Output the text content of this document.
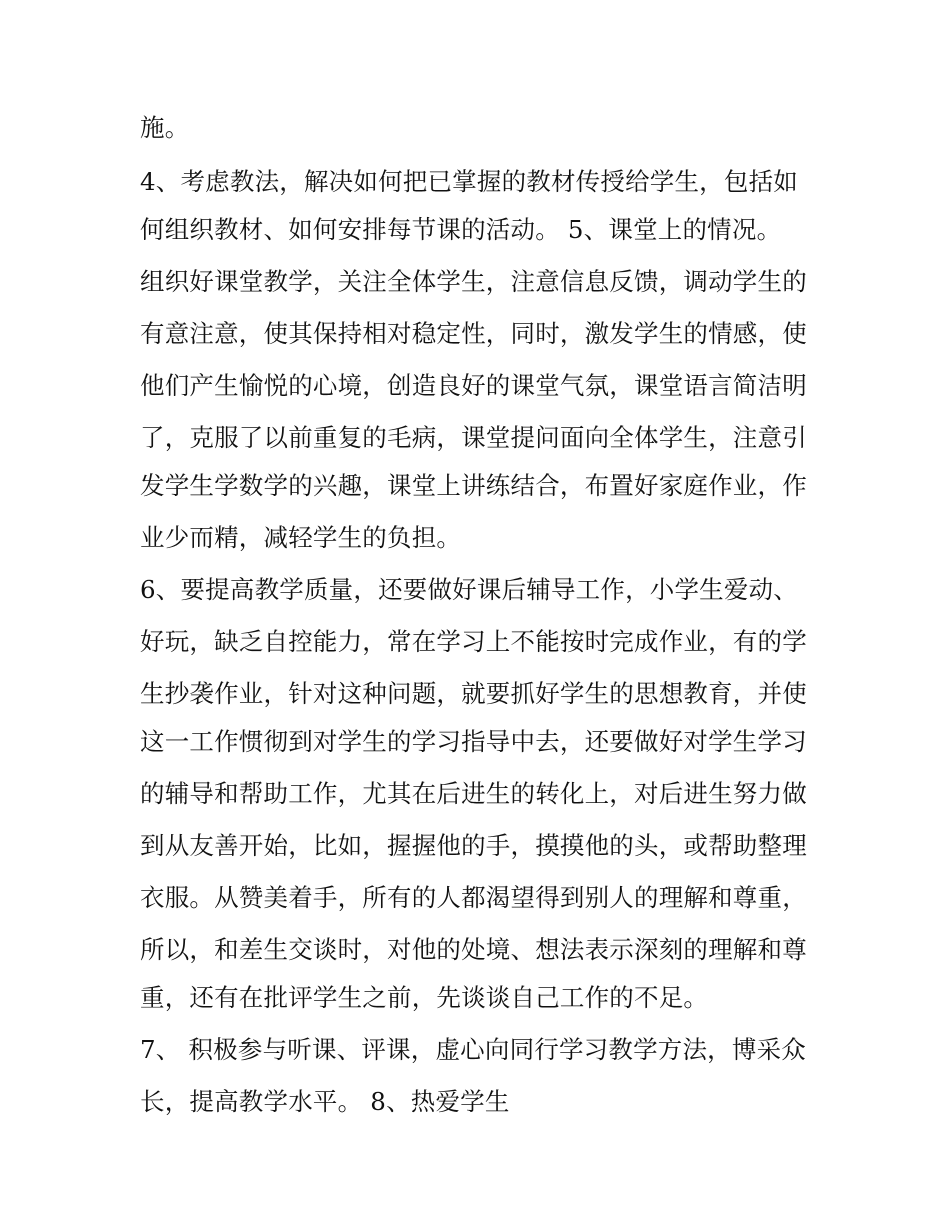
施。

4、考虑教法，解决如何把已掌握的教材传授给学生，包括如

何组织教材、如何安排每节课的活动。 5、课堂上的情况。

组织好课堂教学，关注全体学生，注意信息反馈，调动学生的

有意注意，使其保持相对稳定性，同时，激发学生的情感，使

他们产生愉悦的心境，创造良好的课堂气氛，课堂语言简洁明

了，克服了以前重复的毛病，课堂提问面向全体学生，注意引

发学生学数学的兴趣，课堂上讲练结合，布置好家庭作业，作

业少而精，减轻学生的负担。

6、要提高教学质量，还要做好课后辅导工作，小学生爱动、

好玩，缺乏自控能力，常在学习上不能按时完成作业，有的学

生抄袭作业，针对这种问题，就要抓好学生的思想教育，并使

这一工作惯彻到对学生的学习指导中去，还要做好对学生学习

的辅导和帮助工作，尤其在后进生的转化上，对后进生努力做

到从友善开始，比如，握握他的手，摸摸他的头，或帮助整理

衣服。从赞美着手，所有的人都渴望得到别人的理解和尊重，

所以，和差生交谈时，对他的处境、想法表示深刻的理解和尊

重，还有在批评学生之前，先谈谈自己工作的不足。

7、 积极参与听课、评课，虚心向同行学习教学方法，博采众

长，提高教学水平。 8、热爱学生
